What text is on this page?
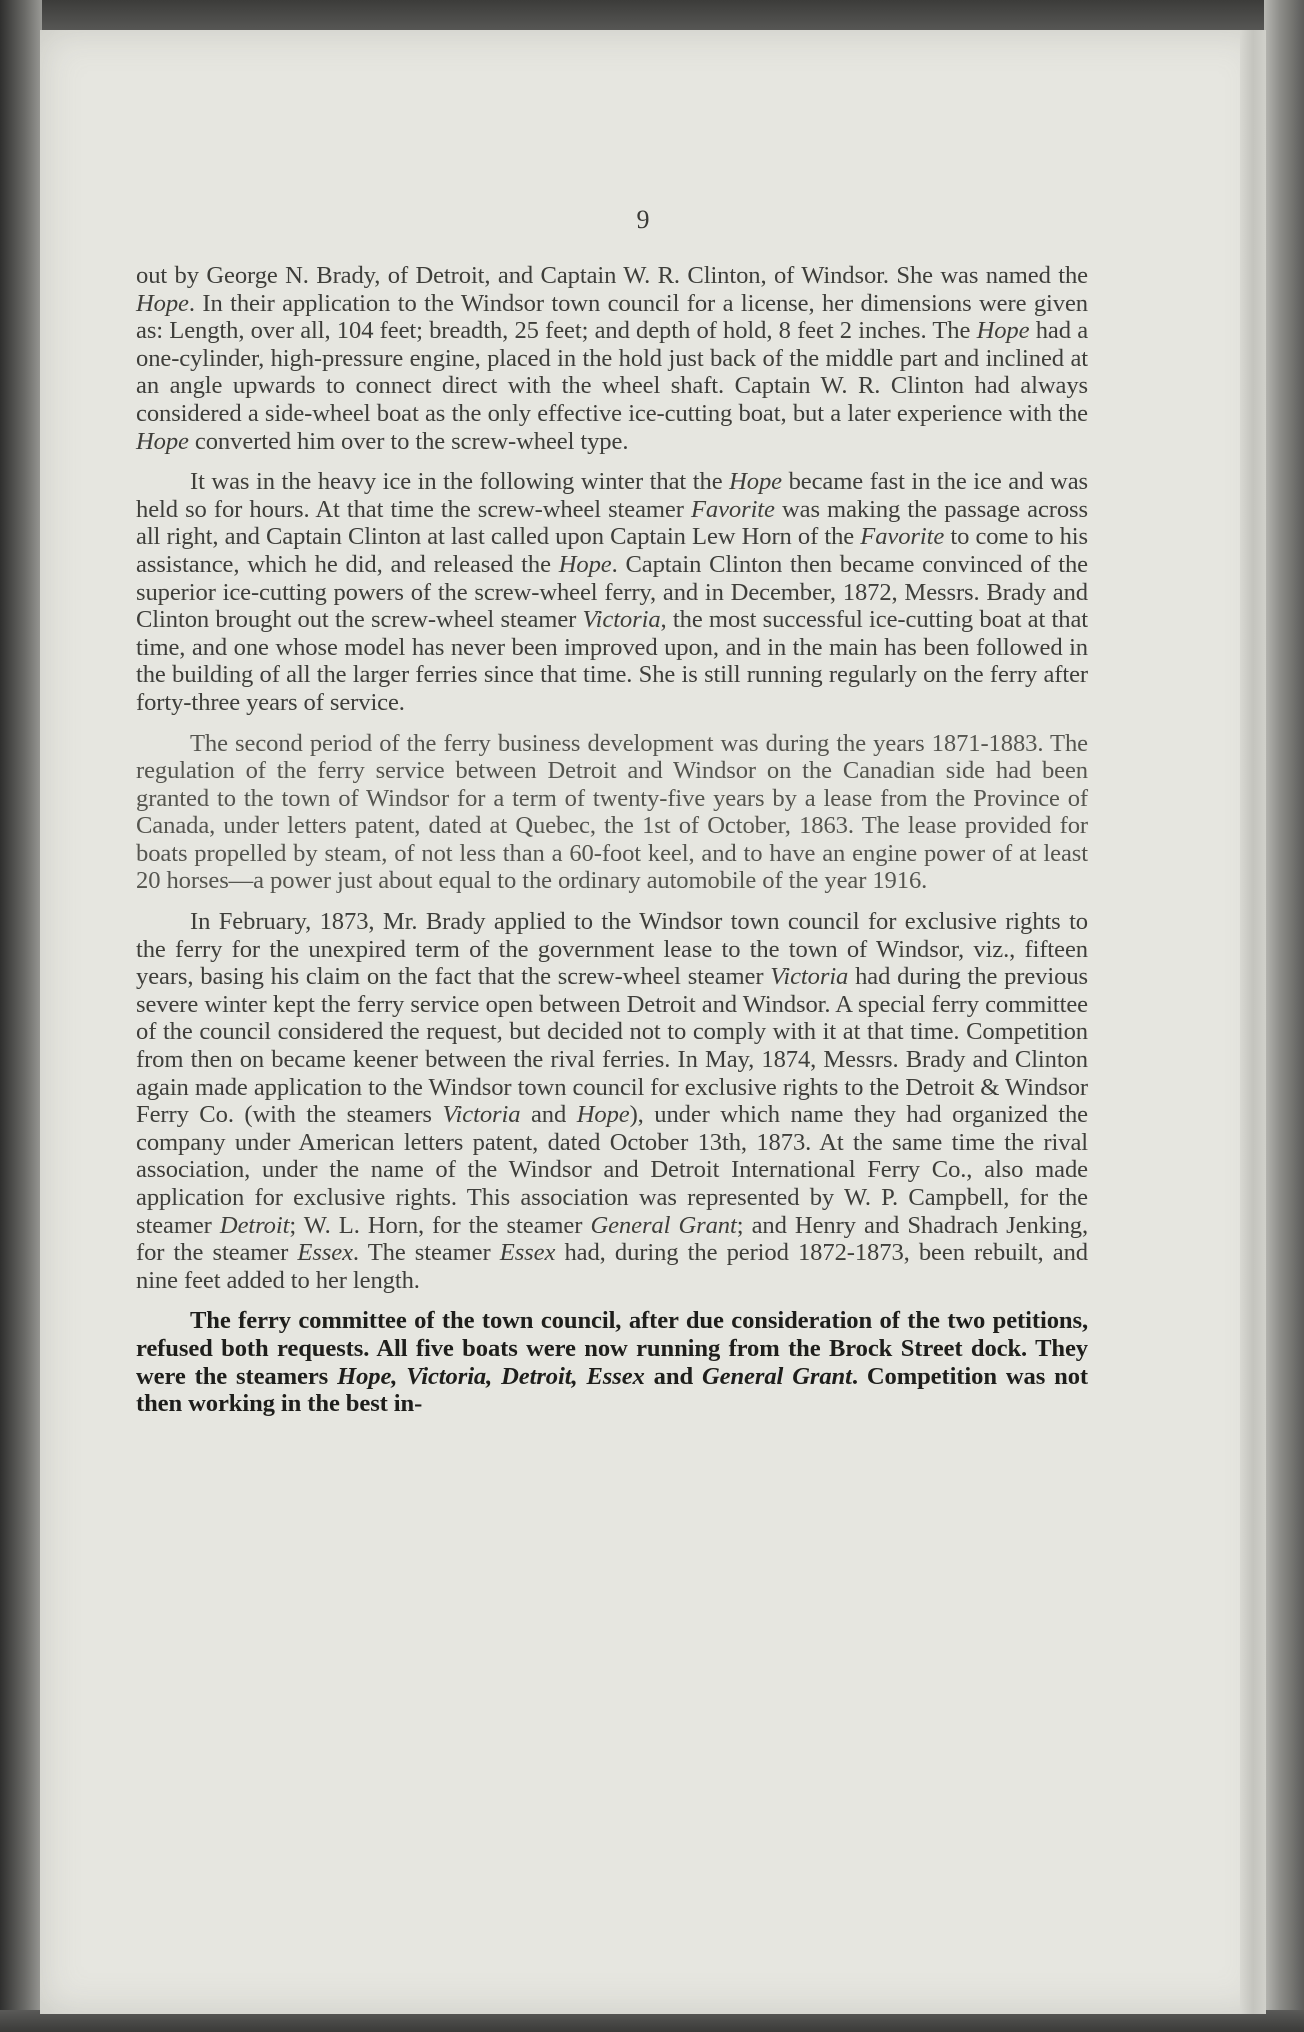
9

out by George N. Brady, of Detroit, and Captain W. R. Clinton, of Windsor. She was named the Hope. In their application to the Windsor town council for a license, her dimensions were given as: Length, over all, 104 feet; breadth, 25 feet; and depth of hold, 8 feet 2 inches. The Hope had a one-cylinder, high-pressure engine, placed in the hold just back of the middle part and inclined at an angle upwards to connect direct with the wheel shaft. Captain W. R. Clinton had always considered a side-wheel boat as the only effective ice-cutting boat, but a later experience with the Hope converted him over to the screw-wheel type.

It was in the heavy ice in the following winter that the Hope became fast in the ice and was held so for hours. At that time the screw-wheel steamer Favorite was making the passage across all right, and Captain Clinton at last called upon Captain Lew Horn of the Favorite to come to his assistance, which he did, and released the Hope. Captain Clinton then became convinced of the superior ice-cutting powers of the screw-wheel ferry, and in December, 1872, Messrs. Brady and Clinton brought out the screw-wheel steamer Victoria, the most successful ice-cutting boat at that time, and one whose model has never been improved upon, and in the main has been followed in the building of all the larger ferries since that time. She is still running regularly on the ferry after forty-three years of service.

The second period of the ferry business development was during the years 1871-1883. The regulation of the ferry service between Detroit and Windsor on the Canadian side had been granted to the town of Windsor for a term of twenty-five years by a lease from the Province of Canada, under letters patent, dated at Quebec, the 1st of October, 1863. The lease provided for boats propelled by steam, of not less than a 60-foot keel, and to have an engine power of at least 20 horses—a power just about equal to the ordinary automobile of the year 1916.

In February, 1873, Mr. Brady applied to the Windsor town council for exclusive rights to the ferry for the unexpired term of the government lease to the town of Windsor, viz., fifteen years, basing his claim on the fact that the screw-wheel steamer Victoria had during the previous severe winter kept the ferry service open between Detroit and Windsor. A special ferry committee of the council considered the request, but decided not to comply with it at that time. Competition from then on became keener between the rival ferries. In May, 1874, Messrs. Brady and Clinton again made application to the Windsor town council for exclusive rights to the Detroit & Windsor Ferry Co. (with the steamers Victoria and Hope), under which name they had organized the company under American letters patent, dated October 13th, 1873. At the same time the rival association, under the name of the Windsor and Detroit International Ferry Co., also made application for exclusive rights. This association was represented by W. P. Campbell, for the steamer Detroit; W. L. Horn, for the steamer General Grant; and Henry and Shadrach Jenking, for the steamer Essex. The steamer Essex had, during the period 1872-1873, been rebuilt, and nine feet added to her length.

The ferry committee of the town council, after due consideration of the two petitions, refused both requests. All five boats were now running from the Brock Street dock. They were the steamers Hope, Victoria, Detroit, Essex and General Grant. Competition was not then working in the best in-
